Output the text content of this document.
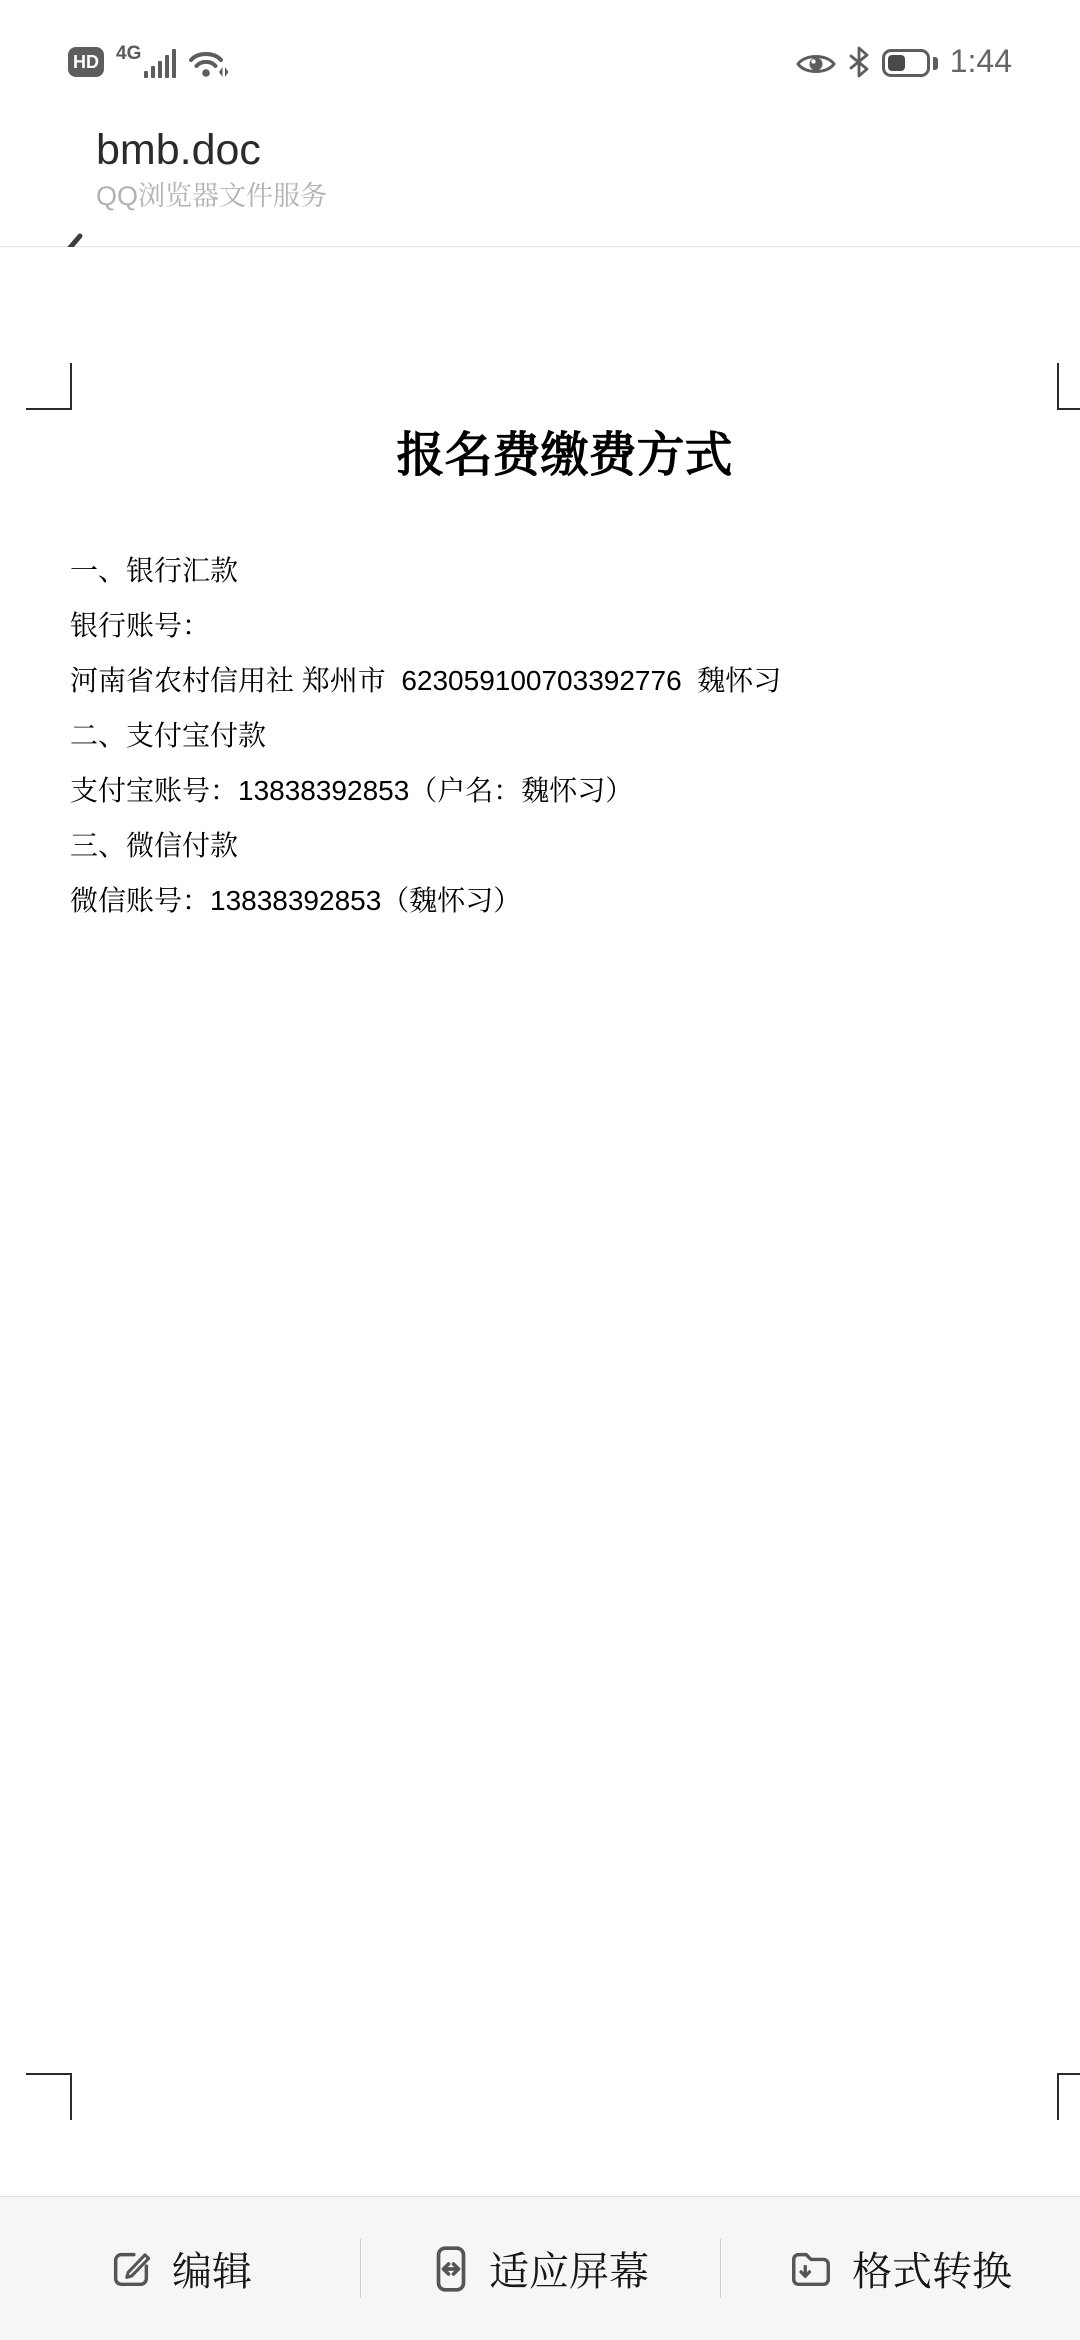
HD 4G	1:44
bmb.doc
QQ浏览器文件服务
报名费缴费方式

一、银行汇款

银行账号：

河南省农村信用社 郑州市  623059100703392776  魏怀习

二、支付宝付款

支付宝账号：13838392853（户名：魏怀习）

三、微信付款

微信账号：13838392853（魏怀习）

编辑	适应屏幕	格式转换
